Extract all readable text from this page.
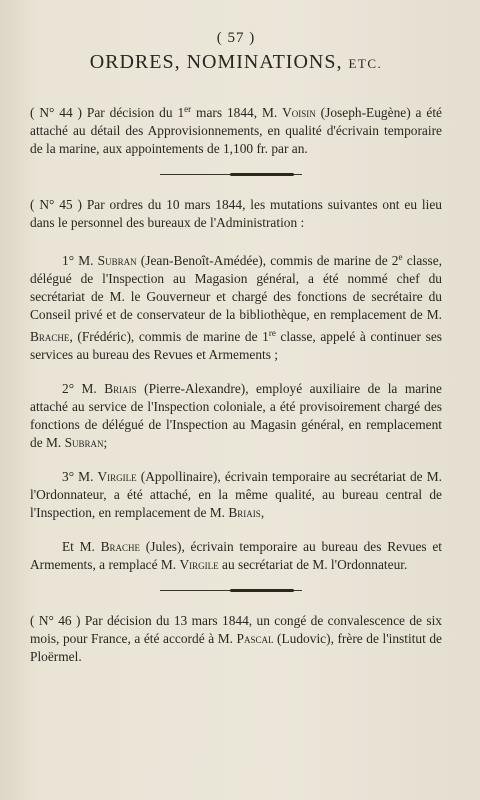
( 57 )
ORDRES, NOMINATIONS, ETC.

( N° 44 ) Par décision du 1er mars 1844, M. Voisin (Joseph-Eugène) a été attaché au détail des Approvisionnements, en qualité d'écrivain temporaire de la marine, aux appointements de 1,100 fr. par an.

( N° 45 ) Par ordres du 10 mars 1844, les mutations suivantes ont eu lieu dans le personnel des bureaux de l'Administration :

1° M. Subran (Jean-Benoît-Amédée), commis de marine de 2e classe, délégué de l'Inspection au Magasion général, a été nommé chef du secrétariat de M. le Gouverneur et chargé des fonctions de secrétaire du Conseil privé et de conservateur de la bibliothèque, en remplacement de M. Brache, (Frédéric), commis de marine de 1re classe, appelé à continuer ses services au bureau des Revues et Armements ;

2° M. Briais (Pierre-Alexandre), employé auxiliaire de la marine attaché au service de l'Inspection coloniale, a été provisoirement chargé des fonctions de délégué de l'Inspection au Magasin général, en remplacement de M. Subran;

3° M. Virgile (Appollinaire), écrivain temporaire au secrétariat de M. l'Ordonnateur, a été attaché, en la même qualité, au bureau central de l'Inspection, en remplacement de M. Briais,

Et M. Brache (Jules), écrivain temporaire au bureau des Revues et Armements, a remplacé M. Virgile au secrétariat de M. l'Ordonnateur.

( N° 46 ) Par décision du 13 mars 1844, un congé de convalescence de six mois, pour France, a été accordé à M. Pascal (Ludovic), frère de l'institut de Ploërmel.
